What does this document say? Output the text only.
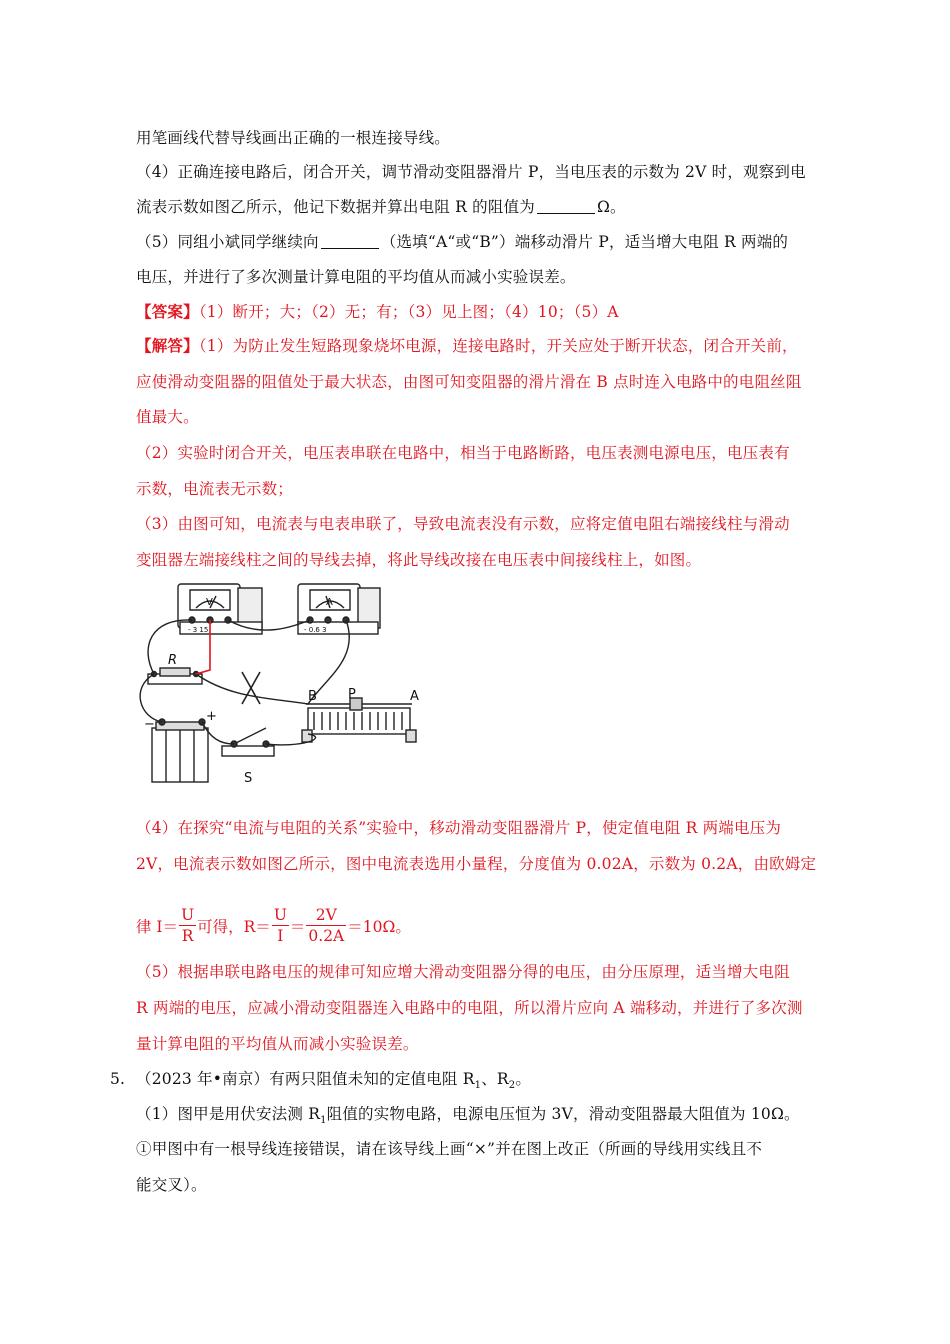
用笔画线代替导线画出正确的一根连接导线。
（4）正确连接电路后，闭合开关，调节滑动变阻器滑片 P，当电压表的示数为 2V 时，观察到电
流表示数如图乙所示，他记下数据并算出电阻 R 的阻值为	Ω。
（5）同组小斌同学继续向	（选填“A“或“B”）端移动滑片 P，适当增大电阻 R 两端的
电压，并进行了多次测量计算电阻的平均值从而减小实验误差。
【答案】（1）断开；大；（2）无；有；（3）见上图；（4）10；（5）A
【解答】（1）为防止发生短路现象烧坏电源，连接电路时，开关应处于断开状态，闭合开关前，
应使滑动变阻器的阻值处于最大状态，由图可知变阻器的滑片滑在 B 点时连入电路中的电阻丝阻
值最大。
（2）实验时闭合开关，电压表串联在电路中，相当于电路断路，电压表测电源电压，电压表有
示数，电流表无示数；
（3）由图可知，电流表与电表串联了，导致电流表没有示数，应将定值电阻右端接线柱与滑动
变阻器左端接线柱之间的导线去掉，将此导线改接在电压表中间接线柱上，如图。
V	A
- 3 15	- 0.6 3
R
B P	A
S
−
+
（4）在探究“电流与电阻的关系”实验中，移动滑动变阻器滑片 P，使定值电阻 R 两端电压为
2V，电流表示数如图乙所示，图中电流表选用小量程，分度值为 0.02A，示数为 0.2A，由欧姆定
律 $I= \frac{U}{R}$ 可得，$R= \frac{U}{I} = \frac{2V}{0.2A} =10\Omega$。
（5）根据串联电路电压的规律可知应增大滑动变阻器分得的电压，由分压原理，适当增大电阻
R 两端的电压，应减小滑动变阻器连入电路中的电阻，所以滑片应向 A 端移动，并进行了多次测
量计算电阻的平均值从而减小实验误差。
5. （2023 年•南京）有两只阻值未知的定值电阻 $R_1$、$R_2$。
（1）图甲是用伏安法测 $R_1$阻值的实物电路，电源电压恒为 3V，滑动变阻器最大阻值为 10Ω。
①甲图中有一根导线连接错误，请在该导线上画“×”并在图上改正（所画的导线用实线且不
能交叉）。
